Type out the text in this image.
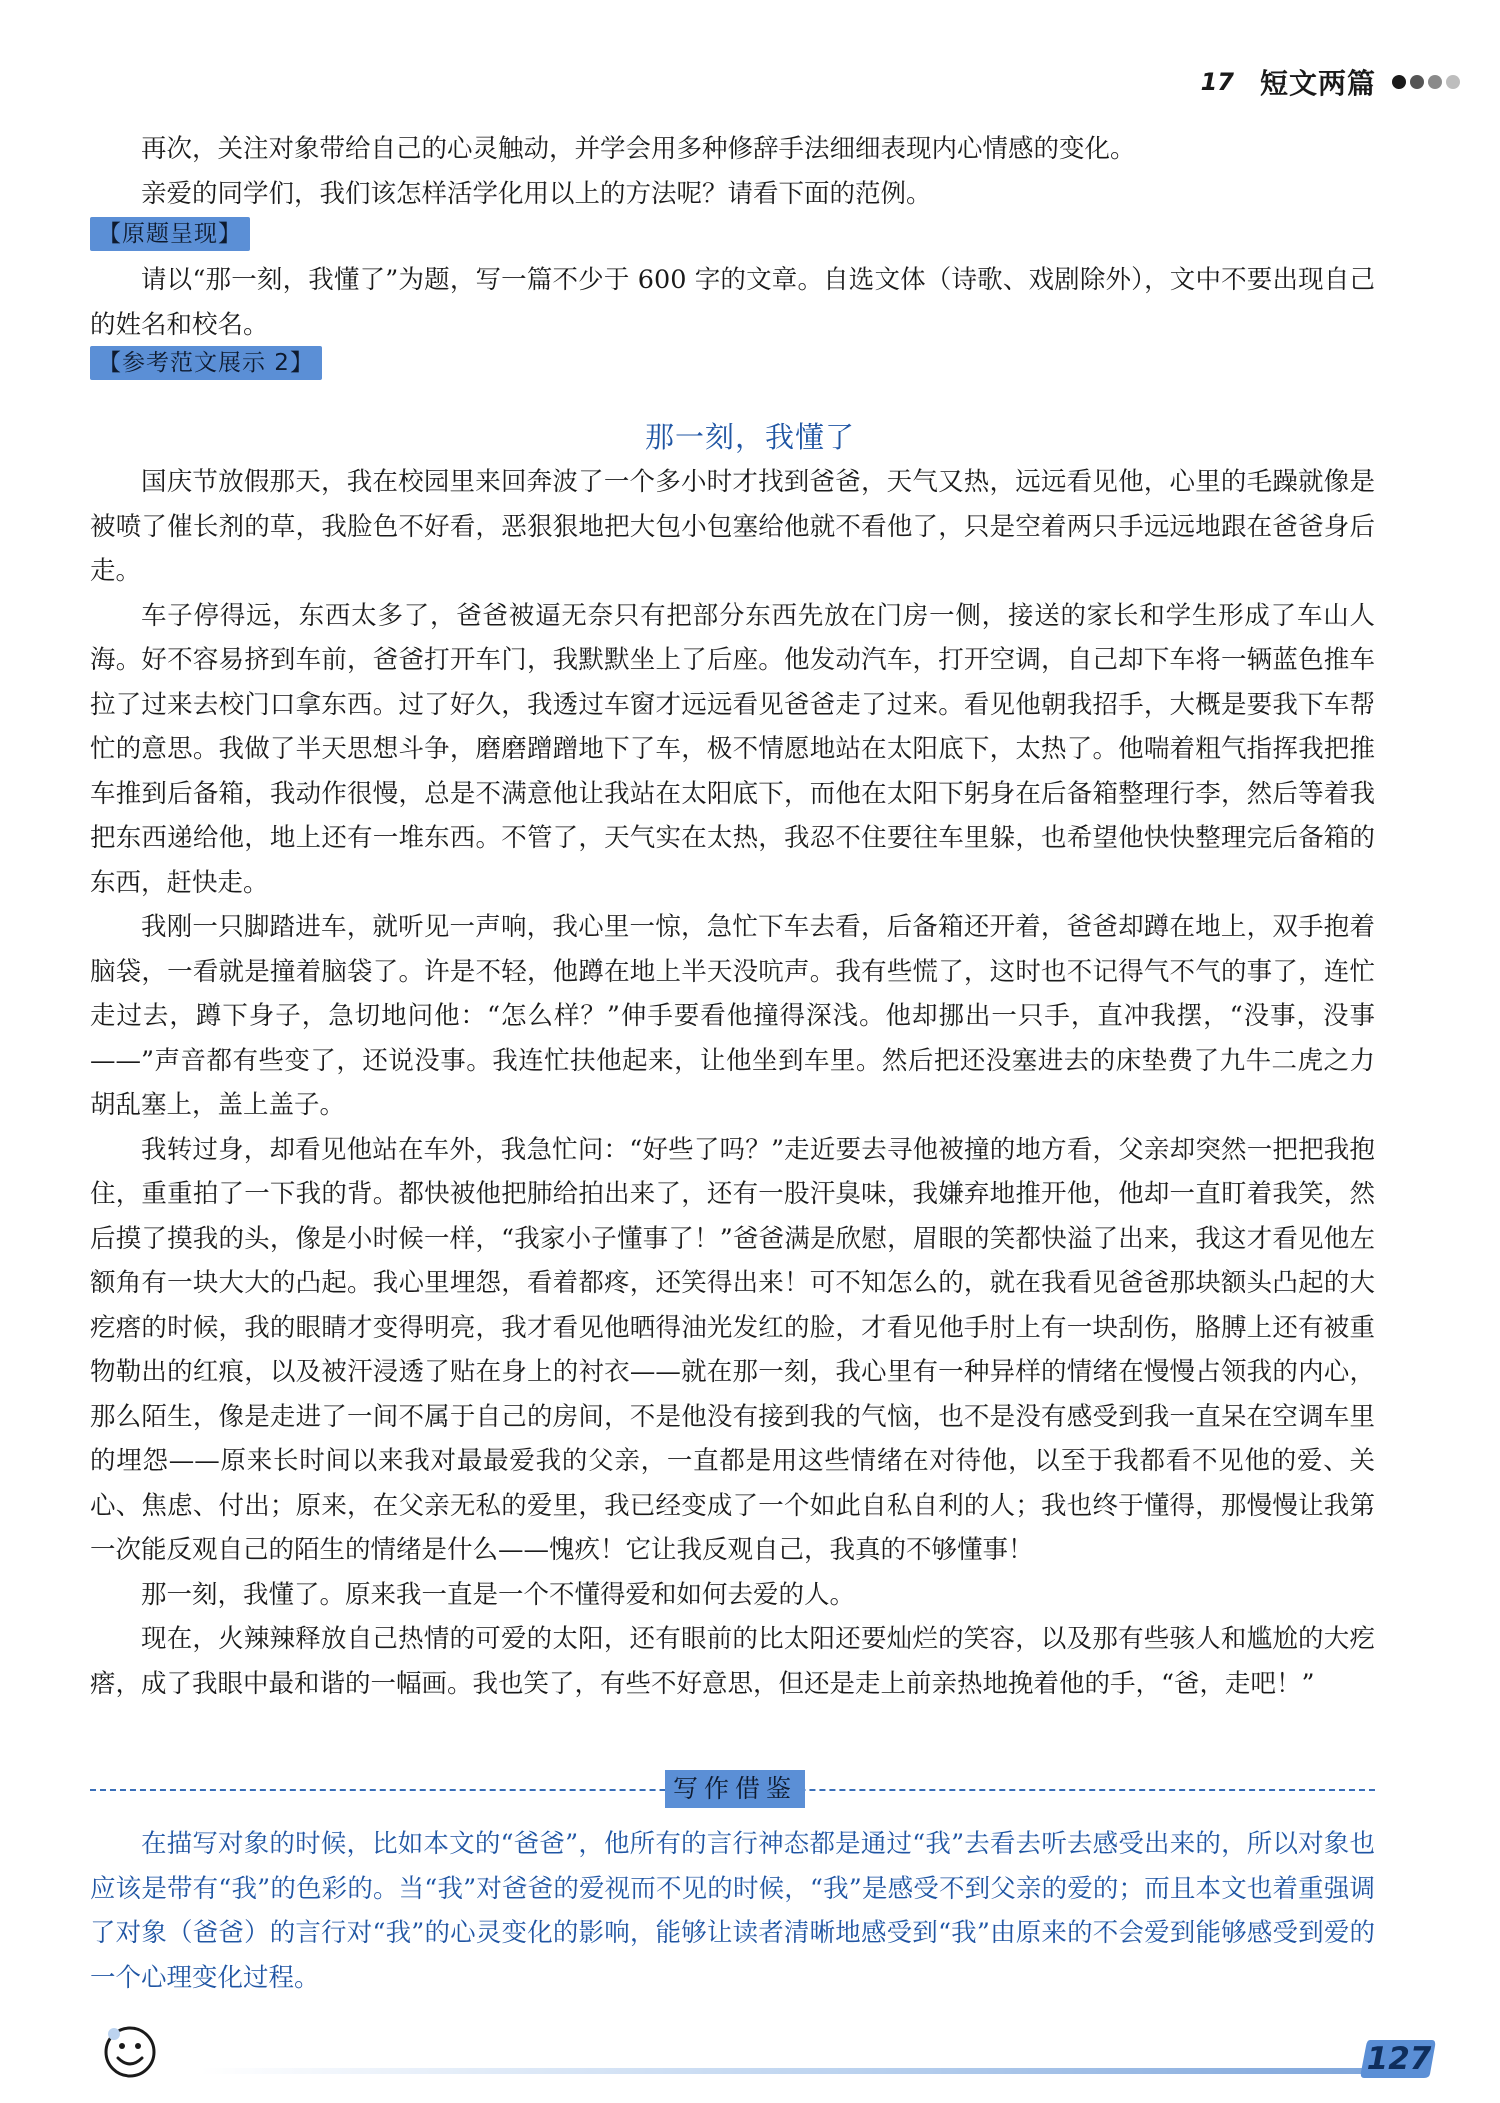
17 短文两篇

再次，关注对象带给自己的心灵触动，并学会用多种修辞手法细细表现内心情感的变化。

亲爱的同学们，我们该怎样活学化用以上的方法呢？请看下面的范例。

【原题呈现】

请以“那一刻，我懂了”为题，写一篇不少于 600 字的文章。自选文体（诗歌、戏剧除外），文中不要出现自己的姓名和校名。

【参考范文展示 2】
那一刻，我懂了

国庆节放假那天，我在校园里来回奔波了一个多小时才找到爸爸，天气又热，远远看见他，心里的毛躁就像是被喷了催长剂的草，我脸色不好看，恶狠狠地把大包小包塞给他就不看他了，只是空着两只手远远地跟在爸爸身后走。

车子停得远，东西太多了，爸爸被逼无奈只有把部分东西先放在门房一侧，接送的家长和学生形成了车山人海。好不容易挤到车前，爸爸打开车门，我默默坐上了后座。他发动汽车，打开空调，自己却下车将一辆蓝色推车拉了过来去校门口拿东西。过了好久，我透过车窗才远远看见爸爸走了过来。看见他朝我招手，大概是要我下车帮忙的意思。我做了半天思想斗争，磨磨蹭蹭地下了车，极不情愿地站在太阳底下，太热了。他喘着粗气指挥我把推车推到后备箱，我动作很慢，总是不满意他让我站在太阳底下，而他在太阳下躬身在后备箱整理行李，然后等着我把东西递给他，地上还有一堆东西。不管了，天气实在太热，我忍不住要往车里躲，也希望他快快整理完后备箱的东西，赶快走。

我刚一只脚踏进车，就听见一声响，我心里一惊，急忙下车去看，后备箱还开着，爸爸却蹲在地上，双手抱着脑袋，一看就是撞着脑袋了。许是不轻，他蹲在地上半天没吭声。我有些慌了，这时也不记得气不气的事了，连忙走过去，蹲下身子，急切地问他：“怎么样？”伸手要看他撞得深浅。他却挪出一只手，直冲我摆，“没事，没事——”声音都有些变了，还说没事。我连忙扶他起来，让他坐到车里。然后把还没塞进去的床垫费了九牛二虎之力胡乱塞上，盖上盖子。

我转过身，却看见他站在车外，我急忙问：“好些了吗？”走近要去寻他被撞的地方看，父亲却突然一把把我抱住，重重拍了一下我的背。都快被他把肺给拍出来了，还有一股汗臭味，我嫌弃地推开他，他却一直盯着我笑，然后摸了摸我的头，像是小时候一样，“我家小子懂事了！”爸爸满是欣慰，眉眼的笑都快溢了出来，我这才看见他左额角有一块大大的凸起。我心里埋怨，看着都疼，还笑得出来！可不知怎么的，就在我看见爸爸那块额头凸起的大疙瘩的时候，我的眼睛才变得明亮，我才看见他晒得油光发红的脸，才看见他手肘上有一块刮伤，胳膊上还有被重物勒出的红痕，以及被汗浸透了贴在身上的衬衣——就在那一刻，我心里有一种异样的情绪在慢慢占领我的内心，那么陌生，像是走进了一间不属于自己的房间，不是他没有接到我的气恼，也不是没有感受到我一直呆在空调车里的埋怨——原来长时间以来我对最最爱我的父亲，一直都是用这些情绪在对待他，以至于我都看不见他的爱、关心、焦虑、付出；原来，在父亲无私的爱里，我已经变成了一个如此自私自利的人；我也终于懂得，那慢慢让我第一次能反观自己的陌生的情绪是什么——愧疚！它让我反观自己，我真的不够懂事！

那一刻，我懂了。原来我一直是一个不懂得爱和如何去爱的人。

现在，火辣辣释放自己热情的可爱的太阳，还有眼前的比太阳还要灿烂的笑容，以及那有些骇人和尴尬的大疙瘩，成了我眼中最和谐的一幅画。我也笑了，有些不好意思，但还是走上前亲热地挽着他的手，“爸，走吧！”

写作借鉴

在描写对象的时候，比如本文的“爸爸”，他所有的言行神态都是通过“我”去看去听去感受出来的，所以对象也应该是带有“我”的色彩的。当“我”对爸爸的爱视而不见的时候，“我”是感受不到父亲的爱的；而且本文也着重强调了对象（爸爸）的言行对“我”的心灵变化的影响，能够让读者清晰地感受到“我”由原来的不会爱到能够感受到爱的一个心理变化过程。

127
